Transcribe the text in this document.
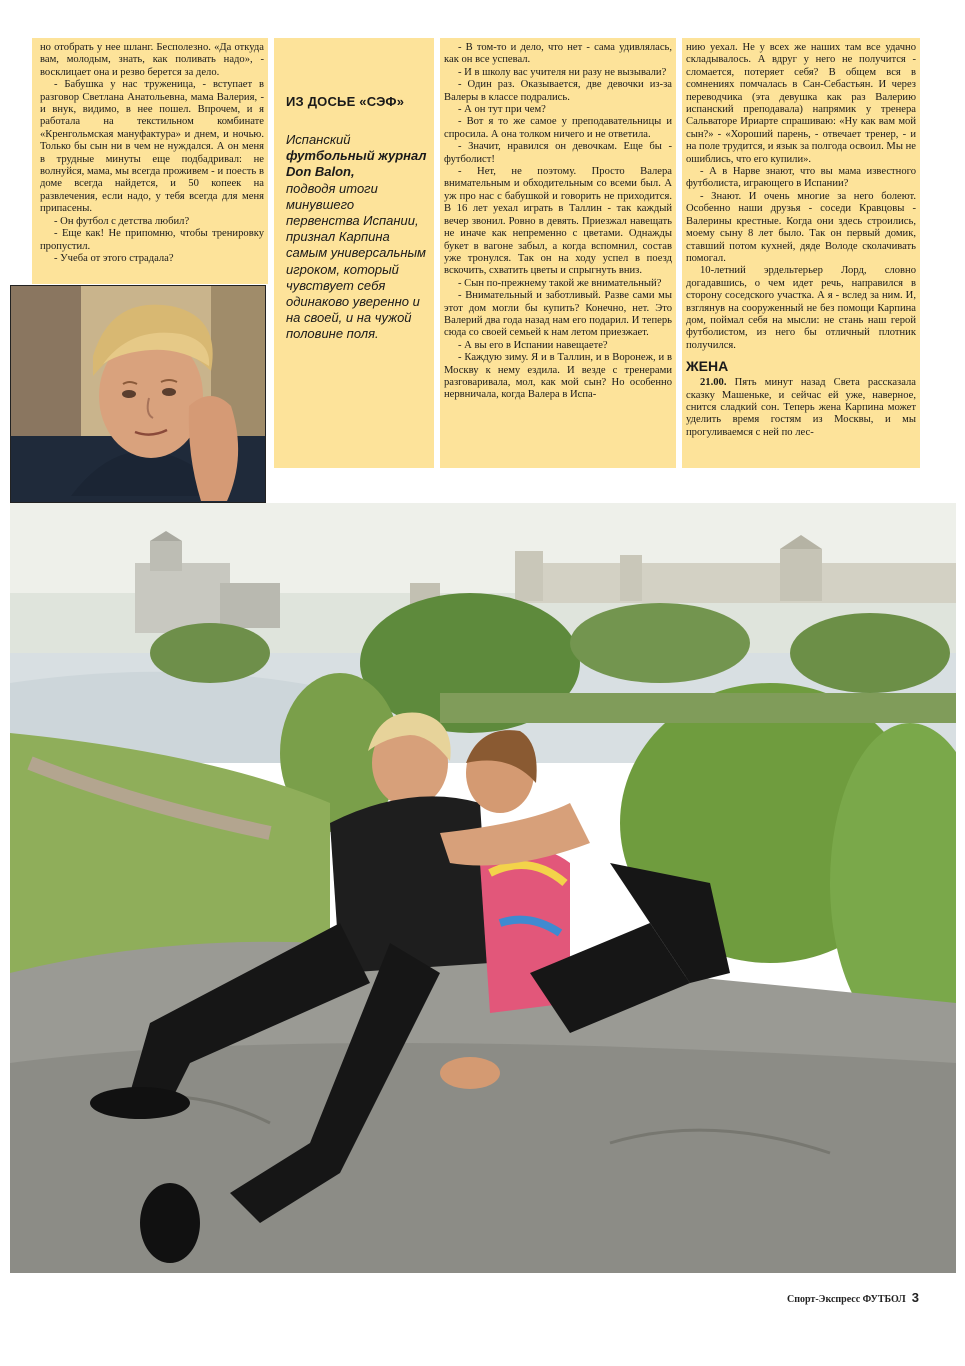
но отобрать у нее шланг. Бесполезно. «Да откуда вам, молодым, знать, как поливать надо», - восклицает она и резво берется за дело.

- Бабушка у нас труженица, - вступает в разговор Светлана Анатольевна, мама Валерия, - и внук, видимо, в нее пошел. Впрочем, и я работала на текстильном комбинате «Кренгольмская мануфактура» и днем, и ночью. Только бы сын ни в чем не нуждался. А он меня в трудные минуты еще подбадривал: не волнуйся, мама, мы всегда проживем - и поесть в доме всегда найдется, и 50 копеек на развлечения, если надо, у тебя всегда для меня припасены.

- Он футбол с детства любил?

- Еще как! Не припомню, чтобы тренировку пропустил.

- Учеба от этого страдала?

ИЗ ДОСЬЕ «СЭФ»
Испанский
футбольный журнал Don Balon,
подводя итоги минувшего первенства Испании, признал Карпина самым универсальным игроком, который чувствует себя одинаково уверенно и на своей, и на чужой половине поля.

- В том-то и дело, что нет - сама удивлялась, как он все успевал.

- И в школу вас учителя ни разу не вызывали?

- Один раз. Оказывается, две девочки из-за Валеры в классе подрались.

- А он тут при чем?

- Вот я то же самое у преподавательницы и спросила. А она толком ничего и не ответила.

- Значит, нравился он девочкам. Еще бы - футболист!

- Нет, не поэтому. Просто Валера внимательным и обходительным со всеми был. А уж про нас с бабушкой и говорить не приходится. В 16 лет уехал играть в Таллин - так каждый вечер звонил. Ровно в девять. Приезжал навещать не иначе как непременно с цветами. Однажды букет в вагоне забыл, а когда вспомнил, состав уже тронулся. Так он на ходу успел в поезд вскочить, схватить цветы и спрыгнуть вниз.

- Сын по-прежнему такой же внимательный?

- Внимательный и заботливый. Разве сами мы этот дом могли бы купить? Конечно, нет. Это Валерий два года назад нам его подарил. И теперь сюда со своей семьей к нам летом приезжает.

- А вы его в Испании навещаете?

- Каждую зиму. Я и в Таллин, и в Воронеж, и в Москву к нему ездила. И везде с тренерами разговаривала, мол, как мой сын? Но особенно нервничала, когда Валера в Испа-

нию уехал. Не у всех же наших там все удачно складывалось. А вдруг у него не получится - сломается, потеряет себя? В общем вся в сомнениях помчалась в Сан-Себастьян. И через переводчика (эта девушка как раз Валерию испанский преподавала) напрямик у тренера Сальваторе Ириарте спрашиваю: «Ну как вам мой сын?» - «Хороший парень, - отвечает тренер, - и на поле трудится, и язык за полгода освоил. Мы не ошиблись, что его купили».

- А в Нарве знают, что вы мама известного футболиста, играющего в Испании?

- Знают. И очень многие за него болеют. Особенно наши друзья - соседи Кравцовы - Валерины крестные. Когда они здесь строились, моему сыну 8 лет было. Так он первый домик, ставший потом кухней, дяде Володе сколачивать помогал.

10-летний эрдельтерьер Лорд, словно догадавшись, о чем идет речь, направился в сторону соседского участка. А я - вслед за ним. И, взглянув на сооруженный не без помощи Карпина дом, поймал себя на мысли: не стань наш герой футболистом, из него бы отличный плотник получился.

ЖЕНА

21.00. Пять минут назад Света рассказала сказку Машеньке, и сейчас ей уже, наверное, снится сладкий сон. Теперь жена Карпина может уделить время гостям из Москвы, и мы прогуливаемся с ней по лес-

Спорт-Экспресс ФУТБОЛ 3
